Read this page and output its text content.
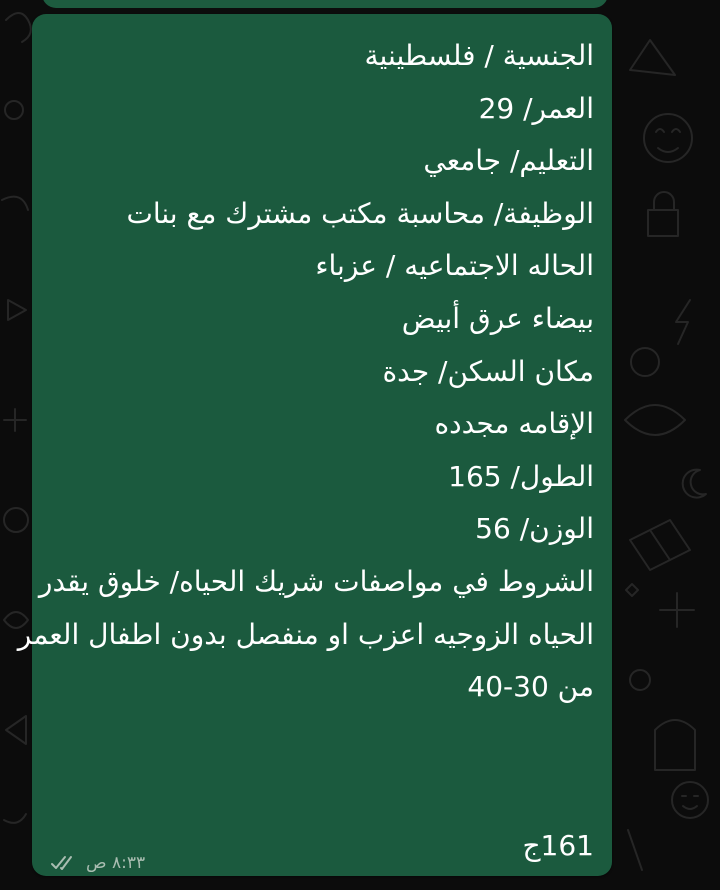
الجنسية / فلسطينية
العمر/ 29
التعليم/ جامعي
الوظيفة/ محاسبة مكتب مشترك مع بنات
الحاله الاجتماعيه / عزباء
بيضاء عرق أبيض
مكان السكن/ جدة
الإقامه مجدده
الطول/ 165
الوزن/ 56
الشروط في مواصفات شريك الحياه/ خلوق يقدر
الحياه الزوجيه اعزب او منفصل بدون اطفال العمر
من 30-40
161ج
٨:٣٣ ص
